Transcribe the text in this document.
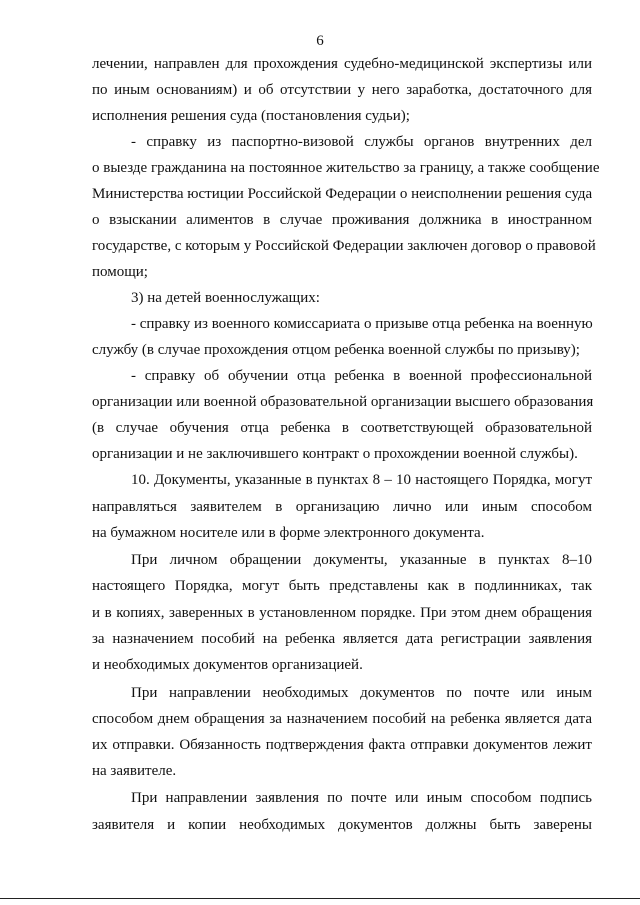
6
лечении, направлен для прохождения судебно-медицинской экспертизы или
по иным основаниям) и об отсутствии у него заработка, достаточного для
исполнения решения суда (постановления судьи);
- справку из паспортно-визовой службы органов внутренних дел
о выезде гражданина на постоянное жительство за границу, а также сообщение
Министерства юстиции Российской Федерации о неисполнении решения суда
о взыскании алиментов в случае проживания должника в иностранном
государстве, с которым у Российской Федерации заключен договор о правовой
помощи;
3) на детей военнослужащих:
- справку из военного комиссариата о призыве отца ребенка на военную
службу (в случае прохождения отцом ребенка военной службы по призыву);
- справку об обучении отца ребенка в военной профессиональной
организации или военной образовательной организации высшего образования
(в случае обучения отца ребенка в соответствующей образовательной
организации и не заключившего контракт о прохождении военной службы).
10. Документы, указанные в пунктах 8 – 10 настоящего Порядка, могут
направляться заявителем в организацию лично или иным способом
на бумажном носителе или в форме электронного документа.
При личном обращении документы, указанные в пунктах 8–10
настоящего Порядка, могут быть представлены как в подлинниках, так
и в копиях, заверенных в установленном порядке. При этом днем обращения
за назначением пособий на ребенка является дата регистрации заявления
и необходимых документов организацией.
При направлении необходимых документов по почте или иным
способом днем обращения за назначением пособий на ребенка является дата
их отправки. Обязанность подтверждения факта отправки документов лежит
на заявителе.
При направлении заявления по почте или иным способом подпись
заявителя и копии необходимых документов должны быть заверены
